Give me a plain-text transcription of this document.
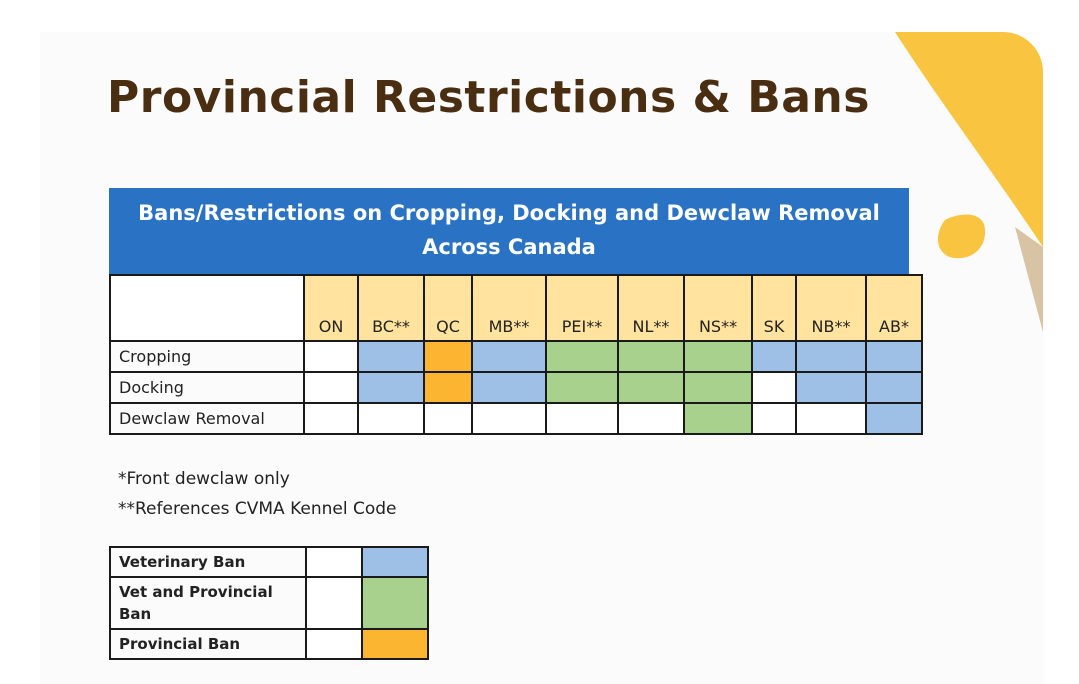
Provincial Restrictions & Bans
Bans/Restrictions on Cropping, Docking and Dewclaw Removal
Across Canada
	ON	BC**	QC	MB**	PEI**	NL**	NS**	SK	NB**	AB*
Cropping										
Docking										
Dewclaw Removal										
*Front dewclaw only
**References CVMA Kennel Code
Veterinary Ban		
Vet and Provincial Ban		
Provincial Ban		
